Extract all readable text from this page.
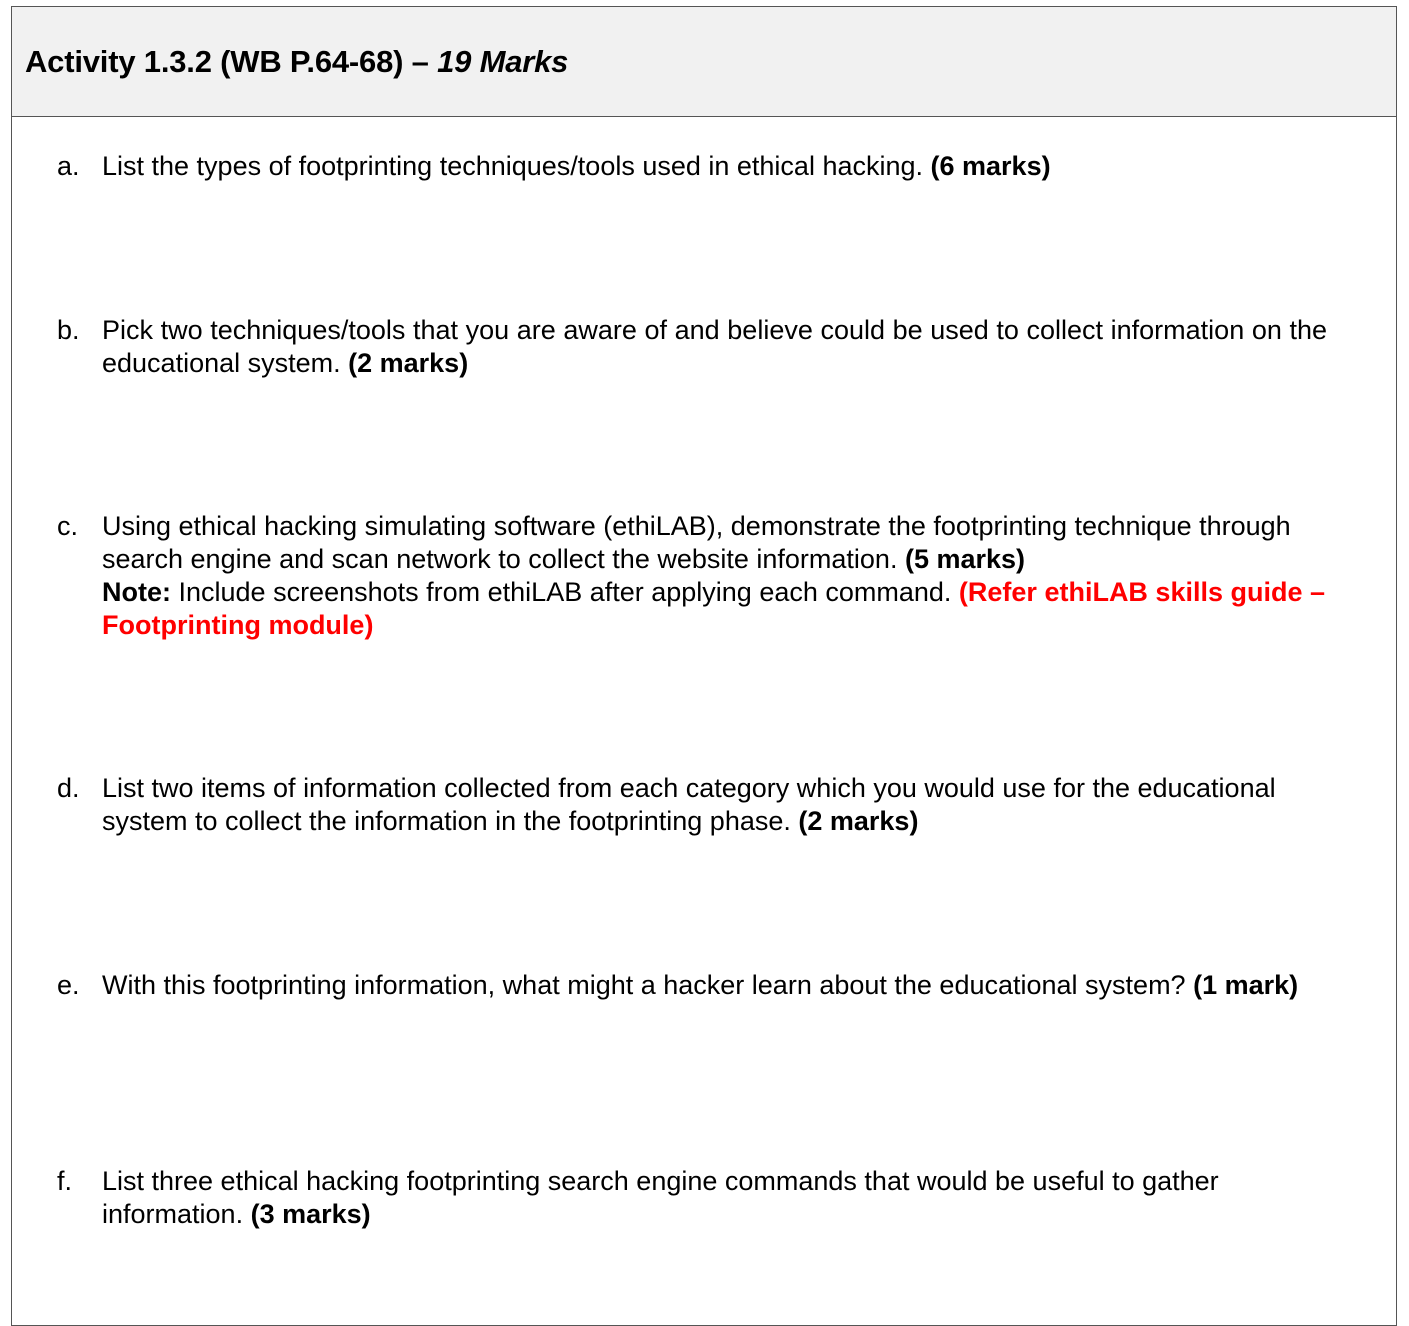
Activity 1.3.2 (WB P.64-68) – 19 Marks
a. List the types of footprinting techniques/tools used in ethical hacking. (6 marks)
b. Pick two techniques/tools that you are aware of and believe could be used to collect information on the educational system. (2 marks)
c. Using ethical hacking simulating software (ethiLAB), demonstrate the footprinting technique through search engine and scan network to collect the website information. (5 marks)
Note: Include screenshots from ethiLAB after applying each command. (Refer ethiLAB skills guide – Footprinting module)
d. List two items of information collected from each category which you would use for the educational system to collect the information in the footprinting phase. (2 marks)
e. With this footprinting information, what might a hacker learn about the educational system? (1 mark)
f.	List three ethical hacking footprinting search engine commands that would be useful to gather information. (3 marks)
